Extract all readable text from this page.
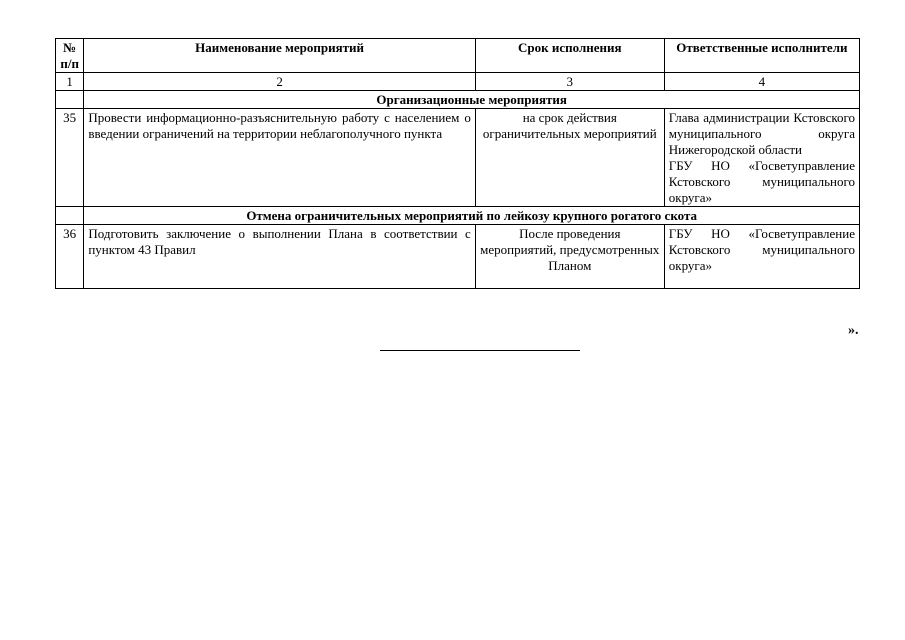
№ п/п	Наименование мероприятий	Срок исполнения	Ответственные исполнители
1	2	3	4
	Организационные мероприятия		
35	Провести информационно-разъяснительную работу с населением о введении ограничений на территории неблагополучного пункта	на срок действия ограничительных мероприятий	Глава администрации Кстовского муниципального округа Нижегородской области
ГБУ НО «Госветуправление Кстовского муниципального округа»

	Отмена ограничительных мероприятий по лейкозу крупного рогатого скота		
36	Подготовить заключение о выполнении Плана в соответствии с пунктом 43 Правил	После проведения мероприятий, предусмотренных Планом	ГБУ НО «Госветуправление Кстовского муниципального округа»
».
